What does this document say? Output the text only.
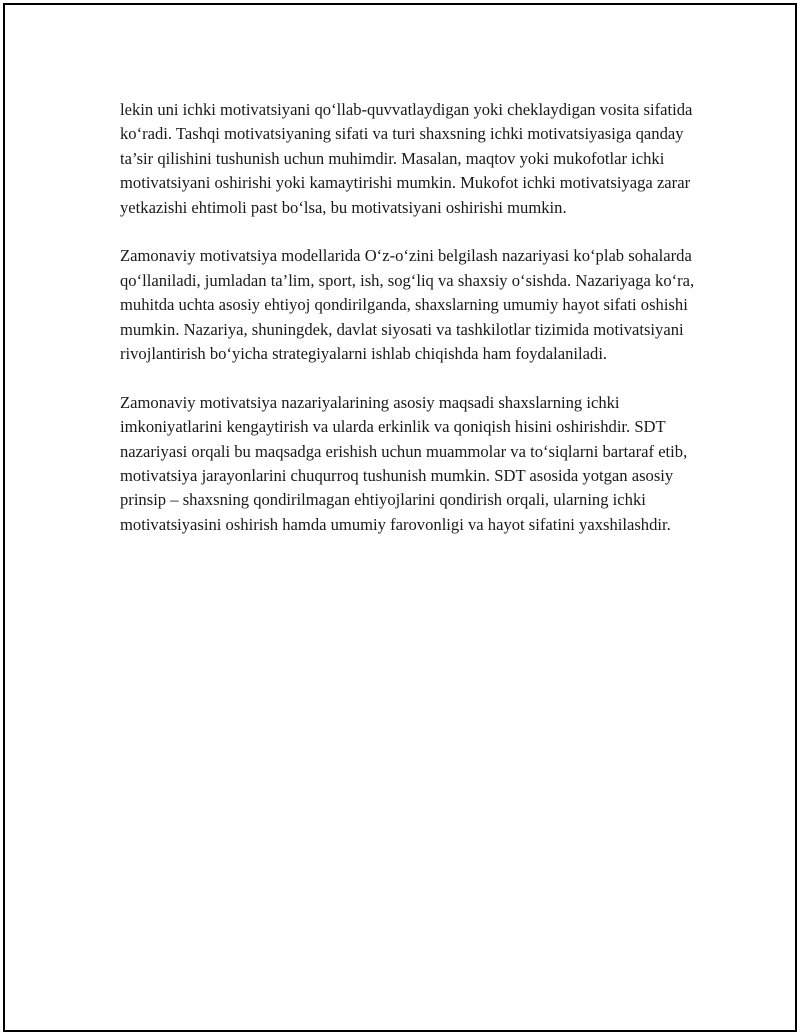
lekin uni ichki motivatsiyani qo‘llab-quvvatlaydigan yoki cheklaydigan vosita sifatida ko‘radi. Tashqi motivatsiyaning sifati va turi shaxsning ichki motivatsiyasiga qanday ta’sir qilishini tushunish uchun muhimdir. Masalan, maqtov yoki mukofotlar ichki motivatsiyani oshirishi yoki kamaytirishi mumkin. Mukofot ichki motivatsiyaga zarar yetkazishi ehtimoli past bo‘lsa, bu motivatsiyani oshirishi mumkin.

Zamonaviy motivatsiya modellarida O‘z-o‘zini belgilash nazariyasi ko‘plab sohalarda qo‘llaniladi, jumladan ta’lim, sport, ish, sog‘liq va shaxsiy o‘sishda. Nazariyaga ko‘ra, muhitda uchta asosiy ehtiyoj qondirilganda, shaxslarning umumiy hayot sifati oshishi mumkin. Nazariya, shuningdek, davlat siyosati va tashkilotlar tizimida motivatsiyani rivojlantirish bo‘yicha strategiyalarni ishlab chiqishda ham foydalaniladi.

Zamonaviy motivatsiya nazariyalarining asosiy maqsadi shaxslarning ichki imkoniyatlarini kengaytirish va ularda erkinlik va qoniqish hisini oshirishdir. SDT nazariyasi orqali bu maqsadga erishish uchun muammolar va to‘siqlarni bartaraf etib, motivatsiya jarayonlarini chuqurroq tushunish mumkin. SDT asosida yotgan asosiy prinsip – shaxsning qondirilmagan ehtiyojlarini qondirish orqali, ularning ichki motivatsiyasini oshirish hamda umumiy farovonligi va hayot sifatini yaxshilashdir.
